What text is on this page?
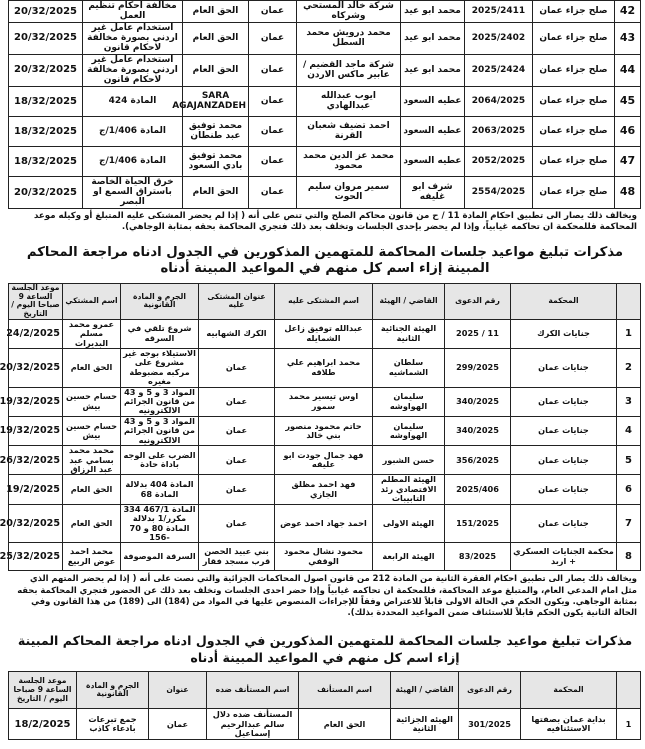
42	صلح جزاء عمان	2025/2411	محمد ابو عيد	شركة خالد المستحي وشركاه	عمان	الحق العام	مخالفة احكام تنظيم العمل	20/32/2025
43	صلح جزاء عمان	2025/2402	محمد ابو عيد	محمد درويش محمد السطل	عمان	الحق العام	استخدام عامل غير اردني بصورة مخالفة لاحكام قانون	20/32/2025
44	صلح جزاء عمان	2025/2424	محمد ابو عيد	شركة ماجد القضيم /عابير ماكس الاردن	عمان	الحق العام	استخدام عامل غير اردني بصورة مخالفة لاحكام قانون	20/32/2025
45	صلح جزاء عمان	2064/2025	عطيه السعود	ايوب عبدالله عبدالهادي	عمان	SARA AGAJANZADEH	المادة 424	18/32/2025
46	صلح جزاء عمان	2063/2025	عطيه السعود	احمد تضيف شعبان القرنة	عمان	محمد توفيق عبد طنطان	المادة 1/406/ج	18/32/2025
47	صلح جزاء عمان	2052/2025	عطيه السعود	محمد عز الدين محمد محمود	عمان	محمد توفيق بادي السعود	المادة 1/406/ج	18/32/2025
48	صلح جزاء عمان	2554/2025	شرف ابو غليفه	سمير مروان سليم الحوت	عمان	الحق العام	خرق الحياة الخاصة باستراق السمع او البصر	20/32/2025

ويخالف ذلك يصار الى تطبيق احكام المادة 11 / ح من قانون محاكم الصلح والتي تنص على أنه ( إذا لم يحضر المشتكى عليه المتبلغ أو وكيله موعد المحاكمة فللمحكمة ان تحاكمه غيابياً، وإذا لم يحضر بإحدى الجلسات وتخلف بعد ذلك فتجري المحاكمة بحقه بمثابة الوجاهي).

مذكرات تبليغ مواعيد جلسات المحاكمة للمتهمين المذكورين في الجدول ادناه مراجعة المحاكم المبينة إزاء اسم كل منهم في المواعيد المبينة أدناه
	المحكمة	رقم الدعوى	القاضي / الهيئة	اسم المشتكى عليه	عنوان المشتكى عليه	الجرم و المادة القانونية	اسم المشتكي	موعد الجلسة الساعة 9 صباحا اليوم / التاريخ
1	جنايات الكرك	11 / 2025	الهيئة الجنائية الثانية	عبدالله توفيق زاعل الشمايله	الكرك الشهابيه	شروع تلقي في السرقه	عمرو محمد مسلم البديرات	24/2/2025
2	جنايات عمان	299/2025	سلطان الشماشيه	محمد ابراهيم علي طلاقه	عمان	الاستيلاء بوجه غير مشروع على مركبه مضبوطة مغيره	الحق العام	20/32/2025
3	جنايات عمان	340/2025	سليمان الهواوشه	اوس تيسير محمد سمور	عمان	المواد 3 و 5 و 43 من قانون الجرائم الالكترونيه	حسام حسين بيش	19/32/2025
4	جنايات عمان	340/2025	سليمان الهواوشه	حاتم محمود منصور بني خالد	عمان	المواد 3 و 5 و 43 من قانون الجرائم الالكترونيه	حسام حسين بيش	19/32/2025
5	جنايات عمان	356/2025	حسن الشبور	فهد جمال جودت ابو عليقه	عمان	الضرب على الوجه باداة حادة	محمد محمد بسامي عبد عبد الرزاق	26/32/2025
6	جنايات عمان	2025/406	الهيئة المطلم الاقتصادي رئد التابيبات	فهد احمد مظلق الجازي	عمان	المادة 404 بدلالة المادة 68	الحق العام	19/2/2025
7	جنايات عمان	151/2025	الهيئة الاولى	احمد جهاد احمد عوض	عمان	المادة 467/1 334 مكرر/1 بدلالة المادة 80 و 70 -156	الحق العام	20/32/2025
8	محكمة الجنايات العسكري + اربد	83/2025	الهيئة الرابعة	محمود نشال محمود الوقفي	بني عبيد الحصن قرب مسجد فقار	السرقة الموصوفة	محمد احمد عوض الربيع	25/32/2025

ويخالف ذلك يصار الى تطبيق احكام الفقرة الثانية من المادة 212 من قانون اصول المحاكمات الجزائية والتي نصت على أنه ( إذا لم يحضر المتهم الذي مثل امام المدعي العام، والمتبلغ موعد المحاكمة، فللمحكمة ان تحاكمه غيابياً وإذا حضر احدى الجلسات وتخلف بعد ذلك عن الحضور فتجري المحاكمة بحقه بمثابة الوجاهي. ويكون الحكم في الحالة الاولى قابلاً للاعتراض وفقاً للإجراءات المنصوص عليها في المواد من (184) الى (189) من هذا القانون وفي الحالة الثانية يكون الحكم قابلاً للاستئناف ضمن المواعيد المحددة بذلك).

مذكرات تبليغ مواعيد جلسات المحاكمة للمتهمين المذكورين في الجدول ادناه مراجعة المحاكم المبينة إزاء اسم كل منهم في المواعيد المبينة أدناه
	المحكمة	رقم الدعوى	القاضي / الهيئة	اسم المستأنف	اسم المستأنف ضده	عنوان	الجرم و المادة القانونية	موعد الجلسة الساعة 9 صباحا اليوم / التاريخ
1	بداية عمان بصفتها الاستئنافيه	301/2025	الهيئه الجزائية الثانية	الحق العام	المستأنف ضده دلال سالم عبدالرحيم إسماعيل	عمان	جمع تبرعات بادعاء كاذب	18/2/2025
